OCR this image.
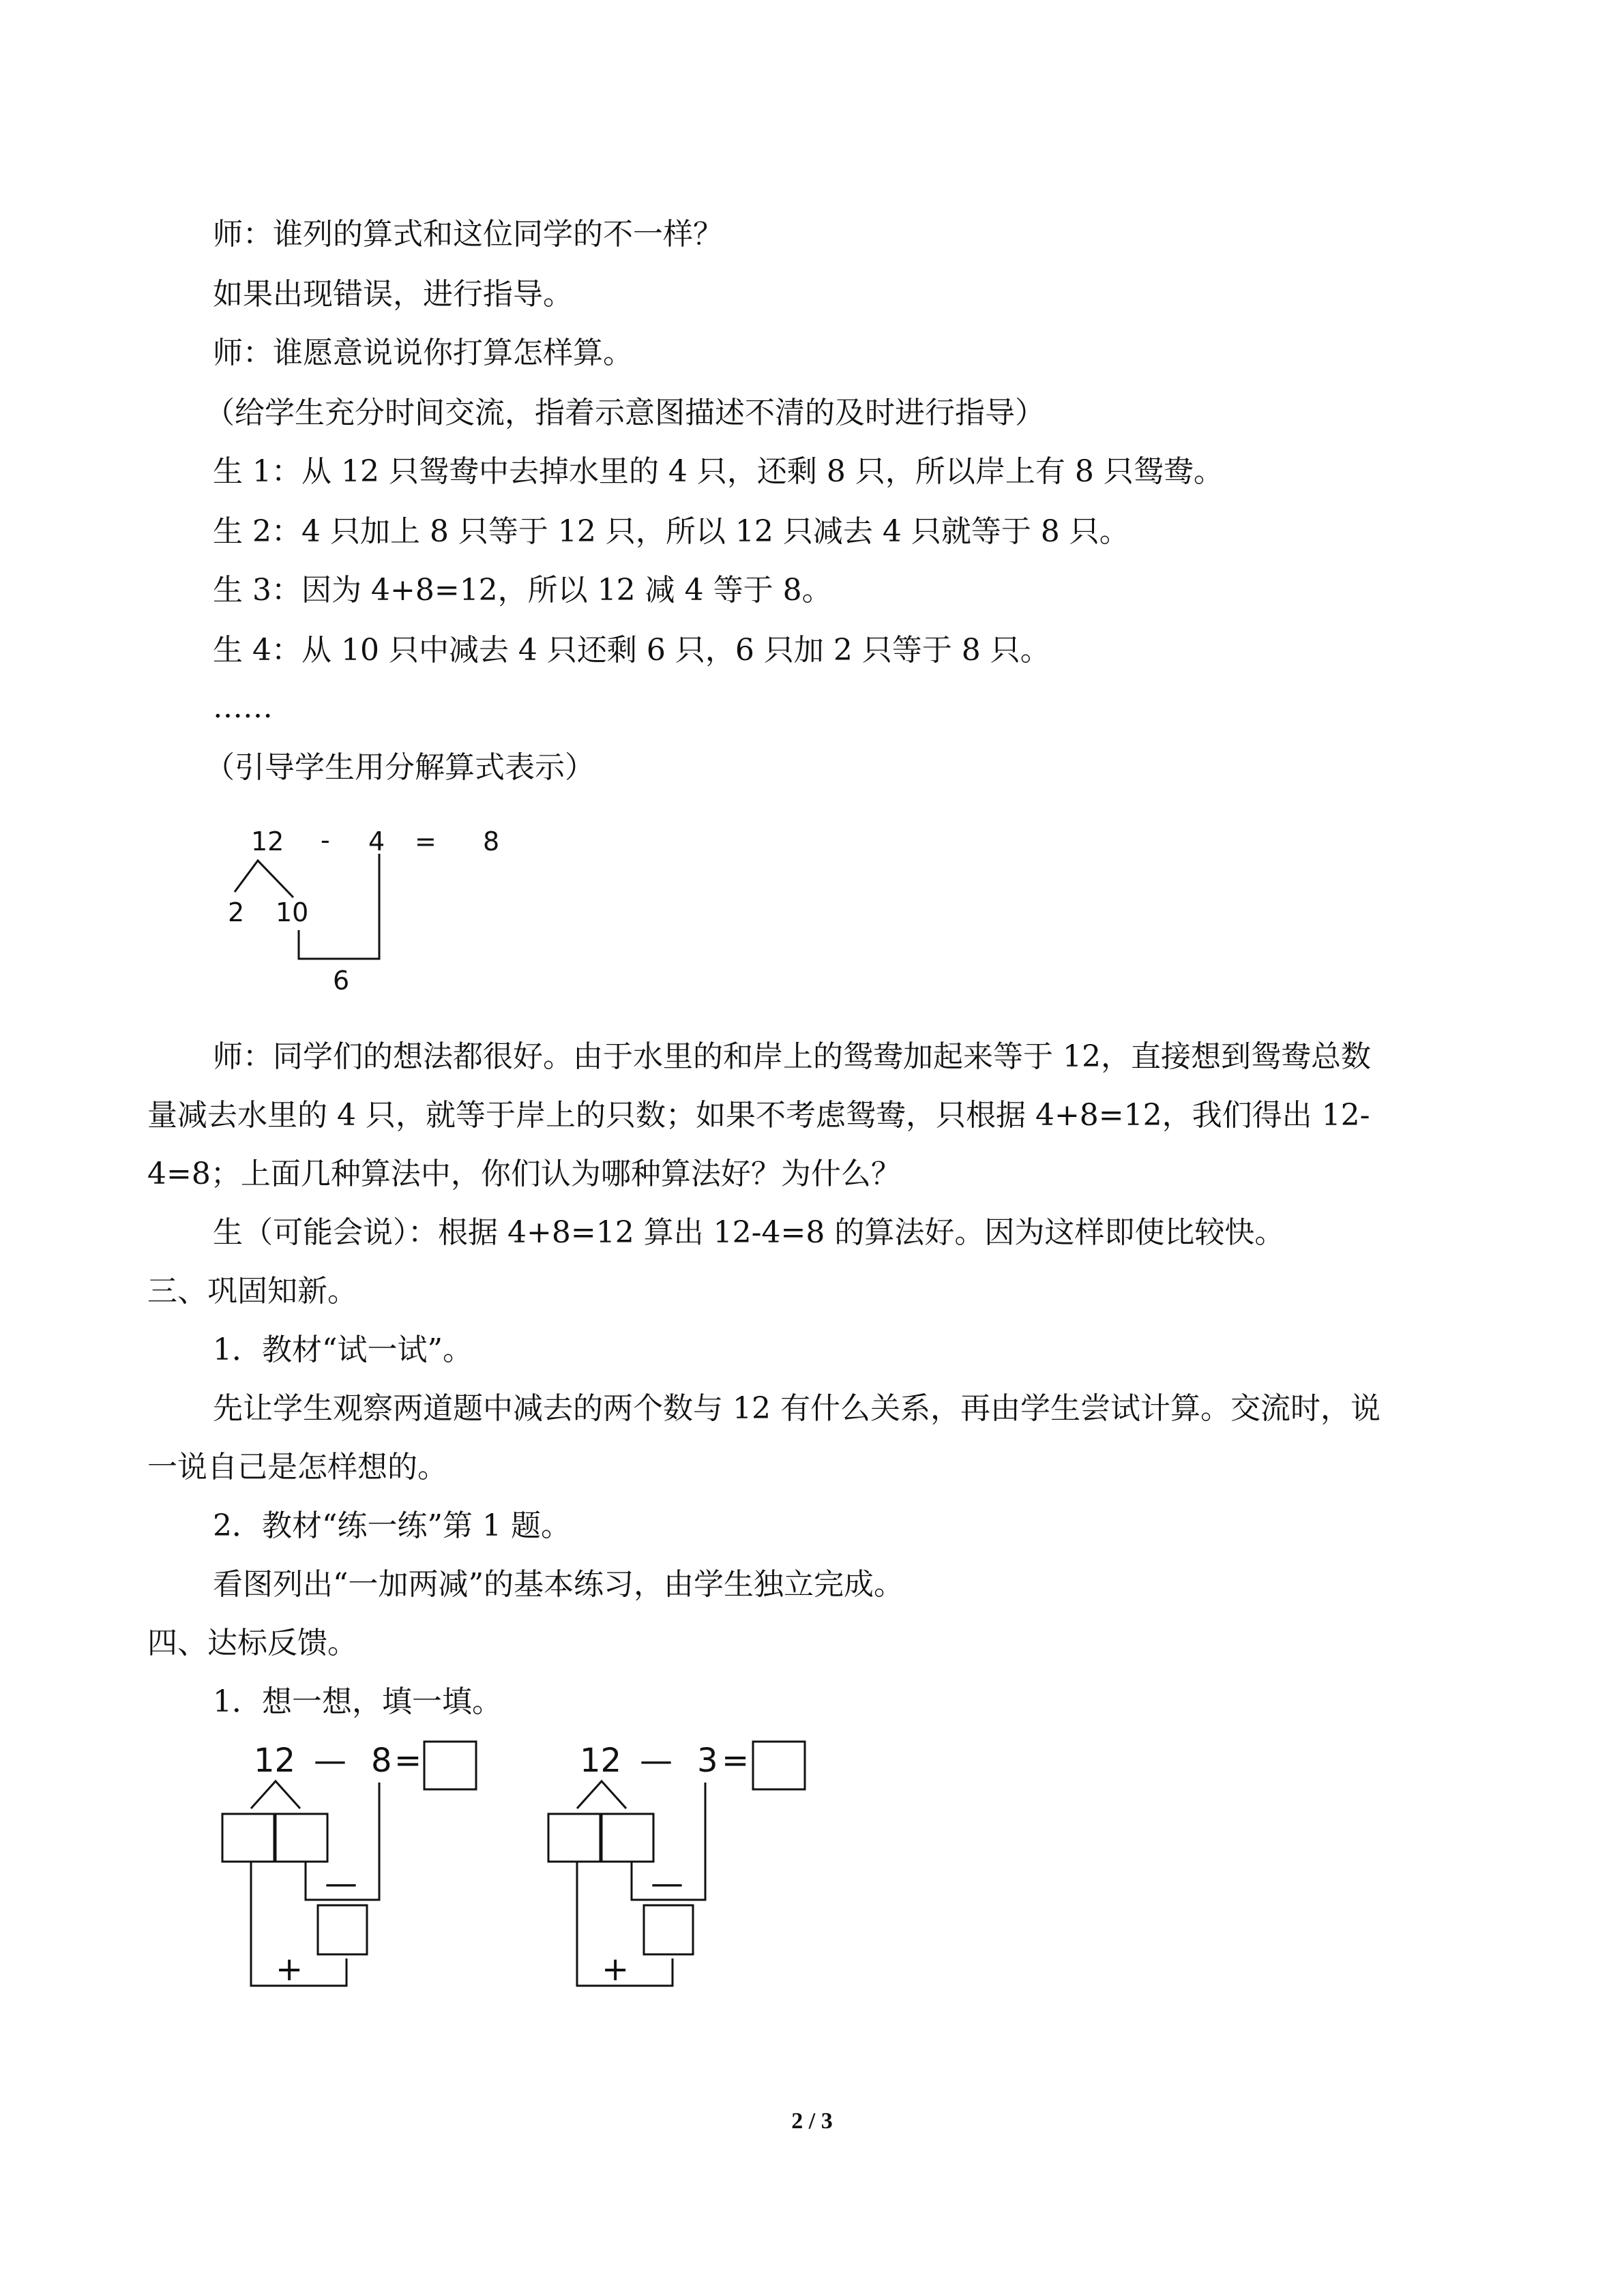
师：谁列的算式和这位同学的不一样？
如果出现错误，进行指导。
师：谁愿意说说你打算怎样算。
（给学生充分时间交流，指着示意图描述不清的及时进行指导）
生 1：从 12 只鸳鸯中去掉水里的 4 只，还剩 8 只，所以岸上有 8 只鸳鸯。
生 2：4 只加上 8 只等于 12 只，所以 12 只减去 4 只就等于 8 只。
生 3：因为 4+8=12，所以 12 减 4 等于 8。
生 4：从 10 只中减去 4 只还剩 6 只，6 只加 2 只等于 8 只。
……
（引导学生用分解算式表示）
12 - 4 = 8
2 10
6
师：同学们的想法都很好。由于水里的和岸上的鸳鸯加起来等于 12，直接想到鸳鸯总数
量减去水里的 4 只，就等于岸上的只数；如果不考虑鸳鸯，只根据 4+8=12，我们得出 12-
4=8；上面几种算法中，你们认为哪种算法好？为什么？
生（可能会说）：根据 4+8=12 算出 12-4=8 的算法好。因为这样即使比较快。
三、巩固知新。
1．教材“试一试”。
先让学生观察两道题中减去的两个数与 12 有什么关系，再由学生尝试计算。交流时，说
一说自己是怎样想的。
2．教材“练一练”第 1 题。
看图列出“一加两减”的基本练习，由学生独立完成。
四、达标反馈。
1．想一想，填一填。
12 — 8 =
—
+
12 — 3 =
—
+
2 / 3
